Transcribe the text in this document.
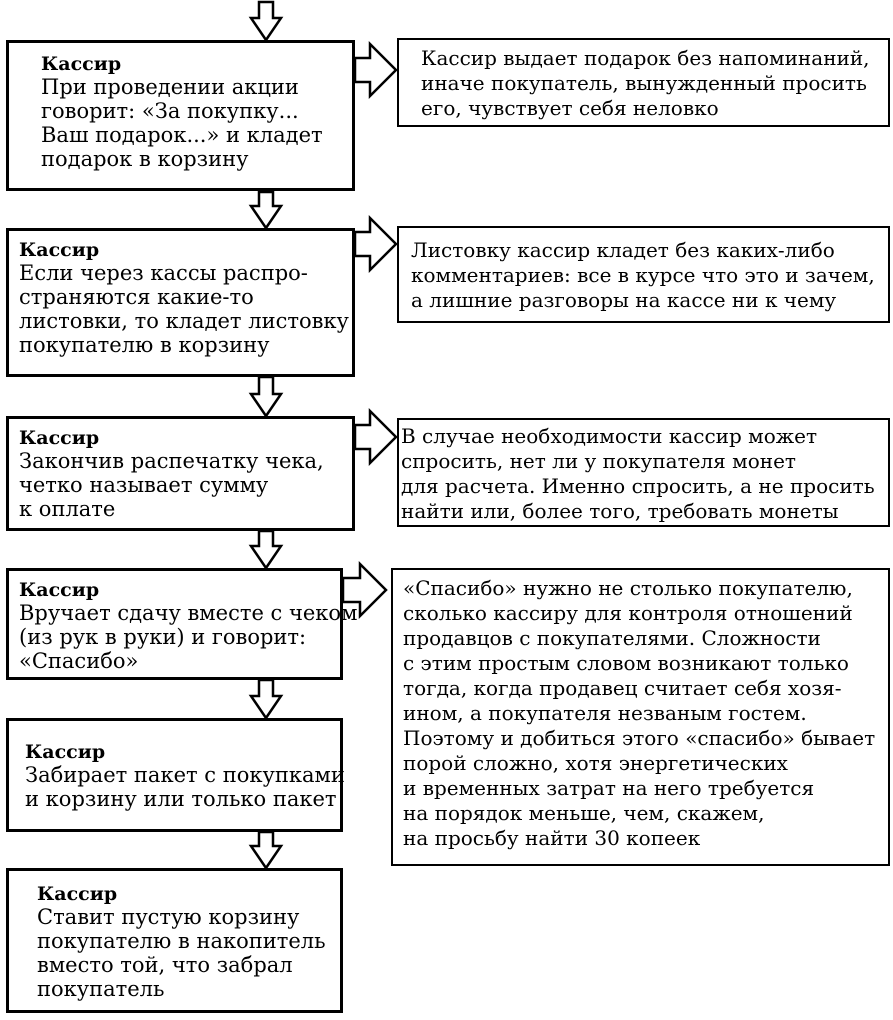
Кассир
При проведении акции
говорит: «За покупку...
Ваш подарок...» и кладет
подарок в корзину
Кассир
Если через кассы распро-
страняются какие-то
листовки, то кладет листовку
покупателю в корзину
Кассир
Закончив распечатку чека,
четко называет сумму
к оплате
Кассир
Вручает сдачу вместе с чеком
(из рук в руки) и говорит:
«Спасибо»
Кассир
Забирает пакет с покупками
и корзину или только пакет
Кассир
Ставит пустую корзину
покупателю в накопитель
вместо той, что забрал
покупатель
Кассир выдает подарок без напоминаний,
иначе покупатель, вынужденный просить
его, чувствует себя неловко
Листовку кассир кладет без каких-либо
комментариев: все в курсе что это и зачем,
а лишние разговоры на кассе ни к чему
В случае необходимости кассир может
спросить, нет ли у покупателя монет
для расчета. Именно спросить, а не просить
найти или, более того, требовать монеты
«Спасибо» нужно не столько покупателю,
сколько кассиру для контроля отношений
продавцов с покупателями. Сложности
с этим простым словом возникают только
тогда, когда продавец считает себя хозя-
ином, а покупателя незваным гостем.
Поэтому и добиться этого «спасибо» бывает
порой сложно, хотя энергетических
и временных затрат на него требуется
на порядок меньше, чем, скажем,
на просьбу найти 30 копеек
